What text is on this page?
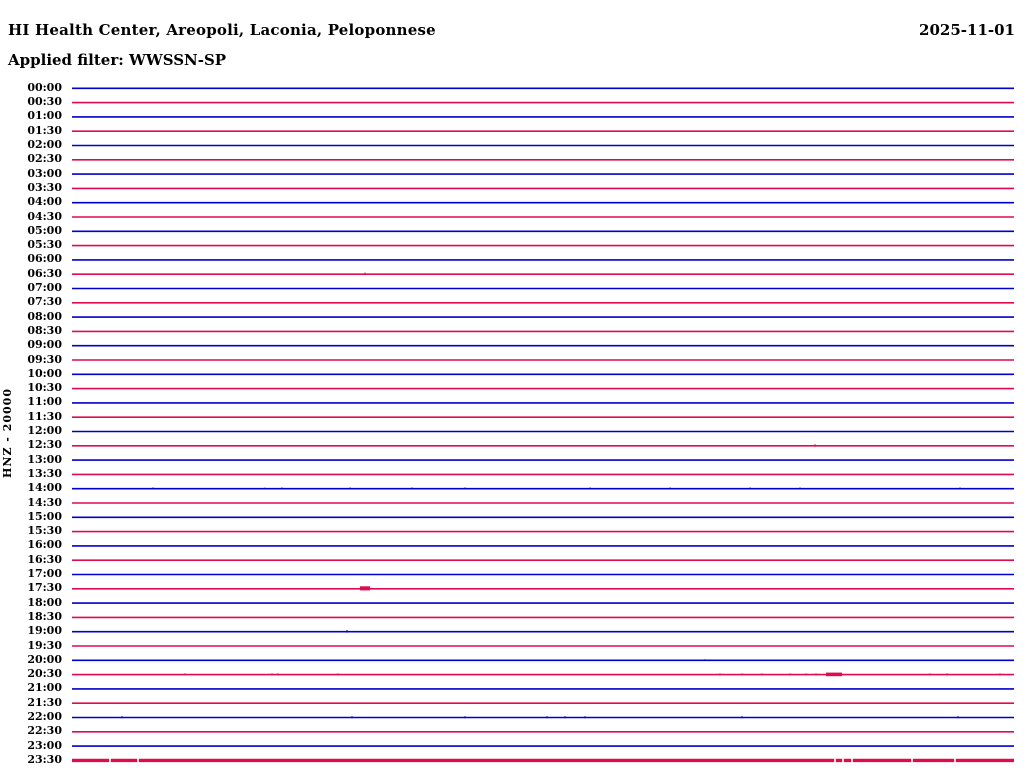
HI Health Center, Areopoli, Laconia, Peloponnese	2025-11-01
Applied filter: WWSSN-SP
HNZ - 20000
00:00
00:30
01:00
01:30
02:00
02:30
03:00
03:30
04:00
04:30
05:00
05:30
06:00
06:30
07:00
07:30
08:00
08:30
09:00
09:30
10:00
10:30
11:00
11:30
12:00
12:30
13:00
13:30
14:00
14:30
15:00
15:30
16:00
16:30
17:00
17:30
18:00
18:30
19:00
19:30
20:00
20:30
21:00
21:30
22:00
22:30
23:00
23:30
